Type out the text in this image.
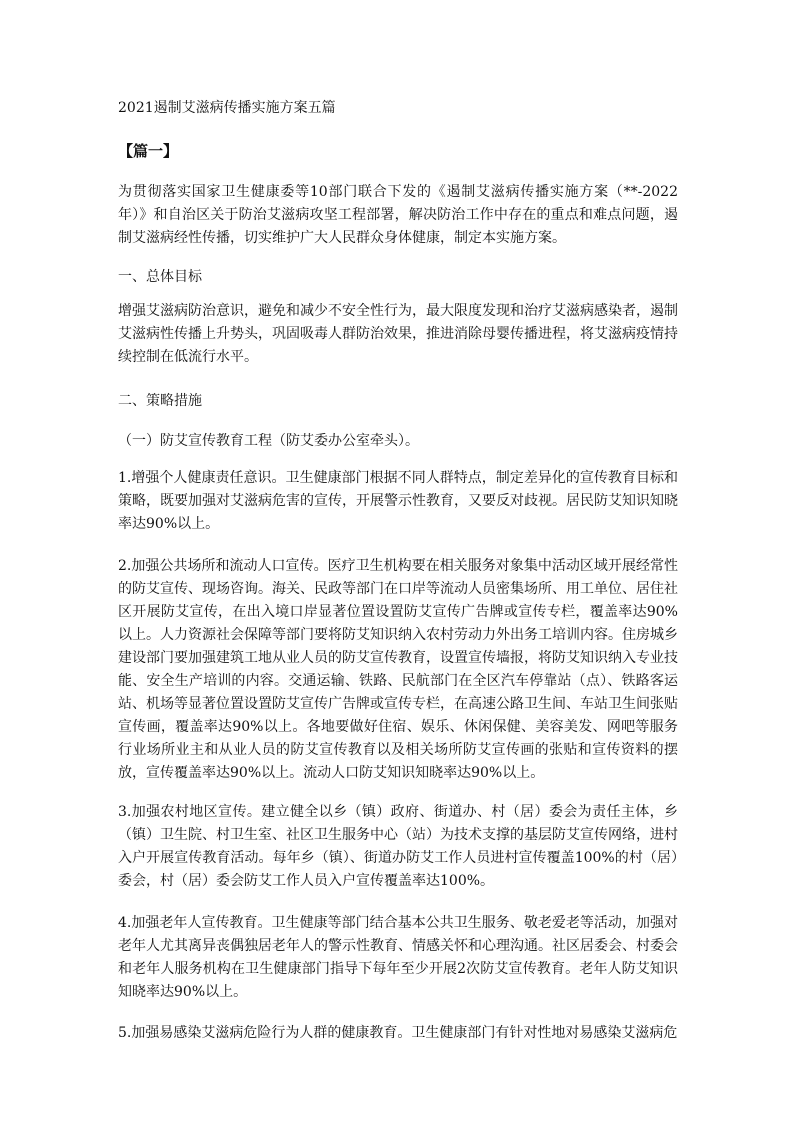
2021遏制艾滋病传播实施方案五篇
【篇一】
为贯彻落实国家卫生健康委等10部门联合下发的《遏制艾滋病传播实施方案（**-2022年）》和自治区关于防治艾滋病攻坚工程部署，解决防治工作中存在的重点和难点问题，遏制艾滋病经性传播，切实维护广大人民群众身体健康，制定本实施方案。
一、总体目标
增强艾滋病防治意识，避免和减少不安全性行为，最大限度发现和治疗艾滋病感染者，遏制艾滋病性传播上升势头，巩固吸毒人群防治效果，推进消除母婴传播进程，将艾滋病疫情持续控制在低流行水平。
二、策略措施
（一）防艾宣传教育工程（防艾委办公室牵头）。
1.增强个人健康责任意识。卫生健康部门根据不同人群特点，制定差异化的宣传教育目标和策略，既要加强对艾滋病危害的宣传，开展警示性教育，又要反对歧视。居民防艾知识知晓率达90%以上。
2.加强公共场所和流动人口宣传。医疗卫生机构要在相关服务对象集中活动区域开展经常性的防艾宣传、现场咨询。海关、民政等部门在口岸等流动人员密集场所、用工单位、居住社区开展防艾宣传，在出入境口岸显著位置设置防艾宣传广告牌或宣传专栏，覆盖率达90%以上。人力资源社会保障等部门要将防艾知识纳入农村劳动力外出务工培训内容。住房城乡建设部门要加强建筑工地从业人员的防艾宣传教育，设置宣传墙报，将防艾知识纳入专业技能、安全生产培训的内容。交通运输、铁路、民航部门在全区汽车停靠站（点）、铁路客运站、机场等显著位置设置防艾宣传广告牌或宣传专栏，在高速公路卫生间、车站卫生间张贴宣传画，覆盖率达90%以上。各地要做好住宿、娱乐、休闲保健、美容美发、网吧等服务行业场所业主和从业人员的防艾宣传教育以及相关场所防艾宣传画的张贴和宣传资料的摆放，宣传覆盖率达90%以上。流动人口防艾知识知晓率达90%以上。
3.加强农村地区宣传。建立健全以乡（镇）政府、街道办、村（居）委会为责任主体，乡（镇）卫生院、村卫生室、社区卫生服务中心（站）为技术支撑的基层防艾宣传网络，进村入户开展宣传教育活动。每年乡（镇）、街道办防艾工作人员进村宣传覆盖100%的村（居）委会，村（居）委会防艾工作人员入户宣传覆盖率达100%。
4.加强老年人宣传教育。卫生健康等部门结合基本公共卫生服务、敬老爱老等活动，加强对老年人尤其离异丧偶独居老年人的警示性教育、情感关怀和心理沟通。社区居委会、村委会和老年人服务机构在卫生健康部门指导下每年至少开展2次防艾宣传教育。老年人防艾知识知晓率达90%以上。
5.加强易感染艾滋病危险行为人群的健康教育。卫生健康部门有针对性地对易感染艾滋病危
